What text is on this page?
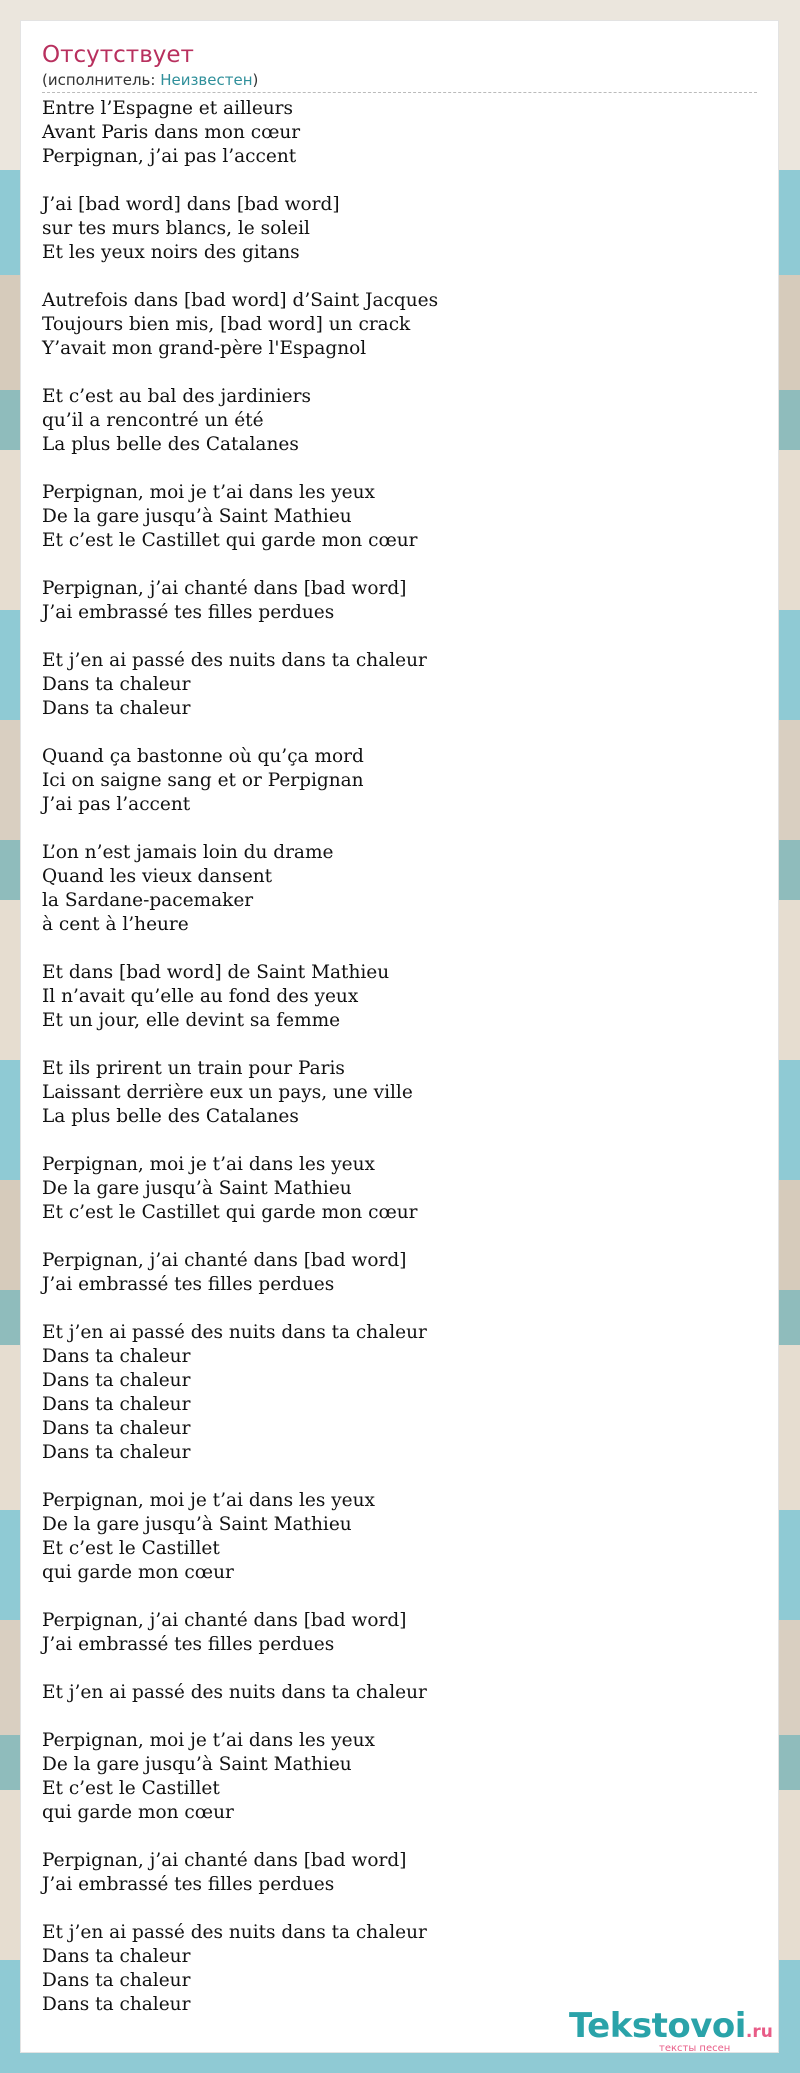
Отсутствует
(исполнитель: Неизвестен)
Entre l’Espagne et ailleurs
Avant Paris dans mon cœur
Perpignan, j’ai pas l’accent
J’ai [bad word] dans [bad word]
sur tes murs blancs, le soleil
Et les yeux noirs des gitans
Autrefois dans [bad word] d’Saint Jacques
Toujours bien mis, [bad word] un crack
Y’avait mon grand-père l'Espagnol
Et c’est au bal des jardiniers
qu’il a rencontré un été
La plus belle des Catalanes
Perpignan, moi je t’ai dans les yeux
De la gare jusqu’à Saint Mathieu
Et c’est le Castillet qui garde mon cœur
Perpignan, j’ai chanté dans [bad word]
J’ai embrassé tes filles perdues
Et j’en ai passé des nuits dans ta chaleur
Dans ta chaleur
Dans ta chaleur
Quand ça bastonne où qu’ça mord
Ici on saigne sang et or Perpignan
J’ai pas l’accent
L’on n’est jamais loin du drame
Quand les vieux dansent
la Sardane-pacemaker
à cent à l’heure
Et dans [bad word] de Saint Mathieu
Il n’avait qu’elle au fond des yeux
Et un jour, elle devint sa femme
Et ils prirent un train pour Paris
Laissant derrière eux un pays, une ville
La plus belle des Catalanes
Perpignan, moi je t’ai dans les yeux
De la gare jusqu’à Saint Mathieu
Et c’est le Castillet qui garde mon cœur
Perpignan, j’ai chanté dans [bad word]
J’ai embrassé tes filles perdues
Et j’en ai passé des nuits dans ta chaleur
Dans ta chaleur
Dans ta chaleur
Dans ta chaleur
Dans ta chaleur
Dans ta chaleur
Perpignan, moi je t’ai dans les yeux
De la gare jusqu’à Saint Mathieu
Et c’est le Castillet
qui garde mon cœur
Perpignan, j’ai chanté dans [bad word]
J’ai embrassé tes filles perdues
Et j’en ai passé des nuits dans ta chaleur
Perpignan, moi je t’ai dans les yeux
De la gare jusqu’à Saint Mathieu
Et c’est le Castillet
qui garde mon cœur
Perpignan, j’ai chanté dans [bad word]
J’ai embrassé tes filles perdues
Et j’en ai passé des nuits dans ta chaleur
Dans ta chaleur
Dans ta chaleur
Dans ta chaleur
Tekstovoi.ru
тексты песен
